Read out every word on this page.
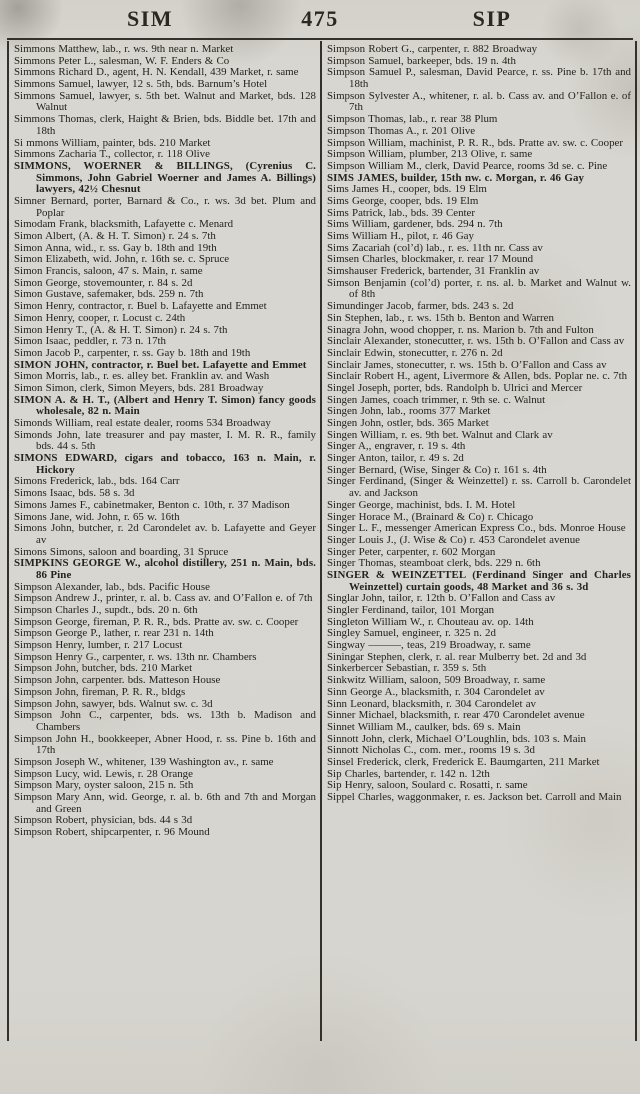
SIM	475	SIP

Simmons Matthew, lab., r. ws. 9th near n. Market

Simmons Peter L., salesman, W. F. Enders & Co

Simmons Richard D., agent, H. N. Kendall, 439 Market, r. same

Simmons Samuel, lawyer, 12 s. 5th, bds. Barnum’s Hotel

Simmons Samuel, lawyer, s. 5th bet. Walnut and Market, bds. 128 Walnut

Simmons Thomas, clerk, Haight & Brien, bds. Biddle bet. 17th and 18th

Si mmons William, painter, bds. 210 Market

Simmons Zacharia T., collector, r. 118 Olive

SIMMONS, WOERNER & BILLINGS, (Cyrenius C. Simmons, John Gabriel Woerner and James A. Billings) lawyers, 42½ Chesnut

Simner Bernard, porter, Barnard & Co., r. ws. 3d bet. Plum and Poplar

Simodam Frank, blacksmith, Lafayette c. Menard

Simon Albert, (A. & H. T. Simon) r. 24 s. 7th

Simon Anna, wid., r. ss. Gay b. 18th and 19th

Simon Elizabeth, wid. John, r. 16th se. c. Spruce

Simon Francis, saloon, 47 s. Main, r. same

Simon George, stovemounter, r. 84 s. 2d

Simon Gustave, safemaker, bds. 259 n. 7th

Simon Henry, contractor, r. Buel b. Lafayette and Emmet

Simon Henry, cooper, r. Locust c. 24th

Simon Henry T., (A. & H. T. Simon) r. 24 s. 7th

Simon Isaac, peddler, r. 73 n. 17th

Simon Jacob P., carpenter, r. ss. Gay b. 18th and 19th

SIMON JOHN, contractor, r. Buel bet. Lafayette and Emmet

Simon Morris, lab., r. es. alley bet. Franklin av. and Wash

Simon Simon, clerk, Simon Meyers, bds. 281 Broadway

SIMON A. & H. T., (Albert and Henry T. Simon) fancy goods wholesale, 82 n. Main

Simonds William, real estate dealer, rooms 534 Broadway

Simonds John, late treasurer and pay master, I. M. R. R., family bds. 44 s. 5th

SIMONS EDWARD, cigars and tobacco, 163 n. Main, r. Hickory

Simons Frederick, lab., bds. 164 Carr

Simons Isaac, bds. 58 s. 3d

Simons James F., cabinetmaker, Benton c. 10th, r. 37 Madison

Simons Jane, wid. John, r. 65 w. 16th

Simons John, butcher, r. 2d Carondelet av. b. Lafayette and Geyer av

Simons Simons, saloon and boarding, 31 Spruce

SIMPKINS GEORGE W., alcohol distillery, 251 n. Main, bds. 86 Pine

Simpson Alexander, lab., bds. Pacific House

Simpson Andrew J., printer, r. al. b. Cass av. and O’Fallon e. of 7th

Simpson Charles J., supdt., bds. 20 n. 6th

Simpson George, fireman, P. R. R., bds. Pratte av. sw. c. Cooper

Simpson George P., lather, r. rear 231 n. 14th

Simpson Henry, lumber, r. 217 Locust

Simpson Henry G., carpenter, r. ws. 13th nr. Chambers

Simpson John, butcher, bds. 210 Market

Simpson John, carpenter. bds. Matteson House

Simpson John, fireman, P. R. R., bldgs

Simpson John, sawyer, bds. Walnut sw. c. 3d

Simpson John C., carpenter, bds. ws. 13th b. Madison and Chambers

Simpson John H., bookkeeper, Abner Hood, r. ss. Pine b. 16th and 17th

Simpson Joseph W., whitener, 139 Washington av., r. same

Simpson Lucy, wid. Lewis, r. 28 Orange

Simpson Mary, oyster saloon, 215 n. 5th

Simpson Mary Ann, wid. George, r. al. b. 6th and 7th and Morgan and Green

Simpson Robert, physician, bds. 44 s 3d

Simpson Robert, shipcarpenter, r. 96 Mound

Simpson Robert G., carpenter, r. 882 Broadway

Simpson Samuel, barkeeper, bds. 19 n. 4th

Simpson Samuel P., salesman, David Pearce, r. ss. Pine b. 17th and 18th

Simpson Sylvester A., whitener, r. al. b. Cass av. and O’Fallon e. of 7th

Simpson Thomas, lab., r. rear 38 Plum

Simpson Thomas A., r. 201 Olive

Simpson William, machinist, P. R. R., bds. Pratte av. sw. c. Cooper

Simpson William, plumber, 213 Olive, r. same

Simpson William M., clerk, David Pearce, rooms 3d se. c. Pine

SIMS JAMES, builder, 15th nw. c. Morgan, r. 46 Gay

Sims James H., cooper, bds. 19 Elm

Sims George, cooper, bds. 19 Elm

Sims Patrick, lab., bds. 39 Center

Sims William, gardener, bds. 294 n. 7th

Sims William H., pilot, r. 46 Gay

Sims Zacariah (col’d) lab., r. es. 11th nr. Cass av

Simsen Charles, blockmaker, r. rear 17 Mound

Simshauser Frederick, bartender, 31 Franklin av

Simson Benjamin (col’d) porter, r. ns. al. b. Market and Walnut w. of 8th

Simundinger Jacob, farmer, bds. 243 s. 2d

Sin Stephen, lab., r. ws. 15th b. Benton and Warren

Sinagra John, wood chopper, r. ns. Marion b. 7th and Fulton

Sinclair Alexander, stonecutter, r. ws. 15th b. O’Fallon and Cass av

Sinclair Edwin, stonecutter, r. 276 n. 2d

Sinclair James, stonecutter, r. ws. 15th b. O’Fallon and Cass av

Sinclair Robert H., agent, Livermore & Allen, bds. Poplar ne. c. 7th

Singel Joseph, porter, bds. Randolph b. Ulrici and Mercer

Singen James, coach trimmer, r. 9th se. c. Walnut

Singen John, lab., rooms 377 Market

Singen John, ostler, bds. 365 Market

Singen William, r. es. 9th bet. Walnut and Clark av

Singer A,, engraver, r. 19 s. 4th

Singer Anton, tailor, r. 49 s. 2d

Singer Bernard, (Wise, Singer & Co) r. 161 s. 4th

Singer Ferdinand, (Singer & Weinzettel) r. ss. Carroll b. Carondelet av. and Jackson

Singer George, machinist, bds. I. M. Hotel

Singer Horace M., (Brainard & Co) r. Chicago

Singer L. F., messenger American Express Co., bds. Monroe House

Singer Louis J., (J. Wise & Co) r. 453 Carondelet avenue

Singer Peter, carpenter, r. 602 Morgan

Singer Thomas, steamboat clerk, bds. 229 n. 6th

SINGER & WEINZETTEL (Ferdinand Singer and Charles Weinzettel) curtain goods, 48 Market and 36 s. 3d

Singlar John, tailor, r. 12th b. O’Fallon and Cass av

Singler Ferdinand, tailor, 101 Morgan

Singleton William W., r. Chouteau av. op. 14th

Singley Samuel, engineer, r. 325 n. 2d

Singway ———, teas, 219 Broadway, r. same

Siningar Stephen, clerk, r. al. rear Mulberry bet. 2d and 3d

Sinkerbercer Sebastian, r. 359 s. 5th

Sinkwitz William, saloon, 509 Broadway, r. same

Sinn George A., blacksmith, r. 304 Carondelet av

Sinn Leonard, blacksmith, r. 304 Carondelet av

Sinner Michael, blacksmith, r. rear 470 Carondelet avenue

Sinnet William M., caulker, bds. 69 s. Main

Sinnott John, clerk, Michael O’Loughlin, bds. 103 s. Main

Sinnott Nicholas C., com. mer., rooms 19 s. 3d

Sinsel Frederick, clerk, Frederick E. Baumgarten, 211 Market

Sip Charles, bartender, r. 142 n. 12th

Sip Henry, saloon, Soulard c. Rosatti, r. same

Sippel Charles, waggonmaker, r. es. Jackson bet. Carroll and Main
